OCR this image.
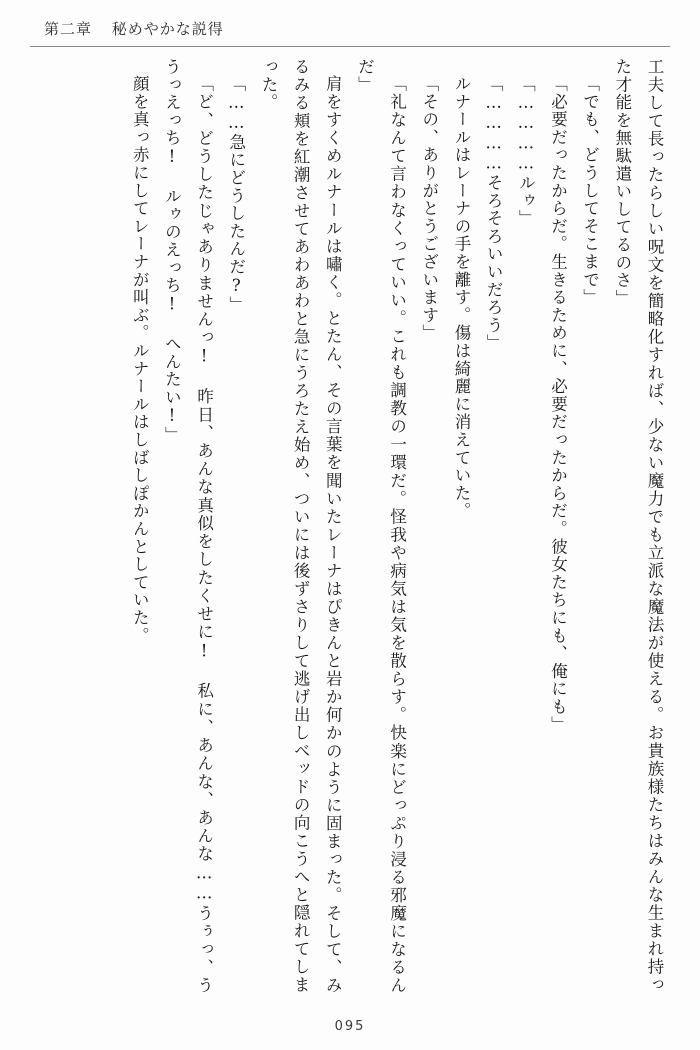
第二章 秘めやかな説得

工夫して長ったらしい呪文を簡略化すれば、少ない魔力でも立派な魔法が使える。お貴族様たちはみんな生まれ持った才能を無駄遣いしてるのさ」

「でも、どうしてそこまで」

「必要だったからだ。生きるために、必要だったからだ。彼女たちにも、俺にも」

「…………ルゥ」

「…………そろそろいいだろう」

ルナールはレーナの手を離す。傷は綺麗に消えていた。

「その、ありがとうございます」

「礼なんて言わなくっていい。これも調教の一環だ。怪我や病気は気を散らす。快楽にどっぷり浸る邪魔になるんだ」

肩をすくめルナールは嘯く。とたん、その言葉を聞いたレーナはぴきんと岩か何かのように固まった。そして、みるみる頬を紅潮させてあわあわと急にうろたえ始め、ついには後ずさりして逃げ出しベッドの向こうへと隠れてしまった。

「……急にどうしたんだ?」

「ど、どうしたじゃありませんっ! 昨日、あんな真似をしたくせに! 私に、あんな、あんな……うぅっ、ううっえっち! ルゥのえっち! へんたい!」

顔を真っ赤にしてレーナが叫ぶ。ルナールはしばしぽかんとしていた。

095
